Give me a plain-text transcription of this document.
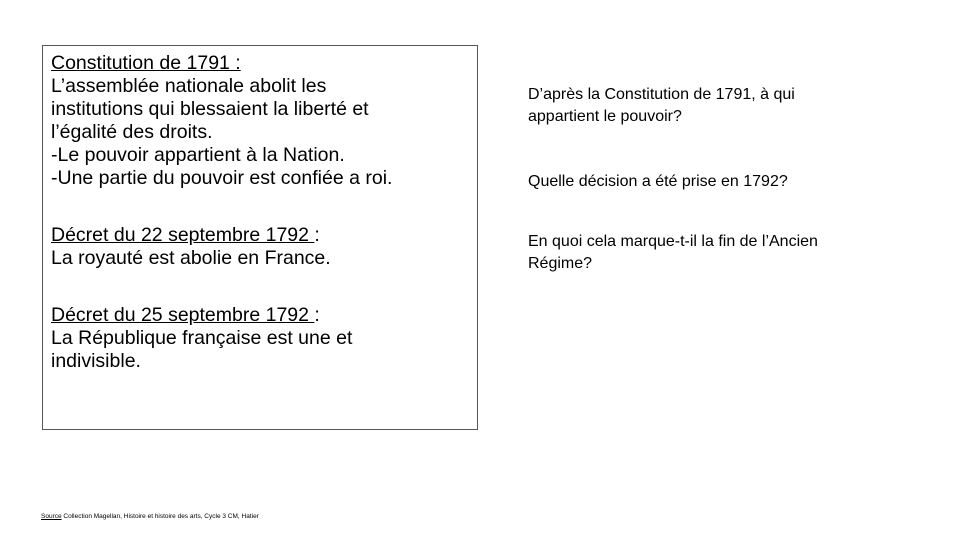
Constitution de 1791 :
L’assemblée nationale abolit les
institutions qui blessaient la liberté et
l’égalité des droits.
-Le pouvoir appartient à la Nation.
-Une partie du pouvoir est confiée a roi.
Décret du 22 septembre 1792 :
La royauté est abolie en France.
Décret du 25 septembre 1792 :
La République française est une et
indivisible.

D’après la Constitution de 1791, à qui appartient le pouvoir?

Quelle décision a été prise en 1792?

En quoi cela marque-t-il la fin de l’Ancien Régime?

Source Collection Magellan, Histoire et histoire des arts, Cycle 3 CM, Hatier
